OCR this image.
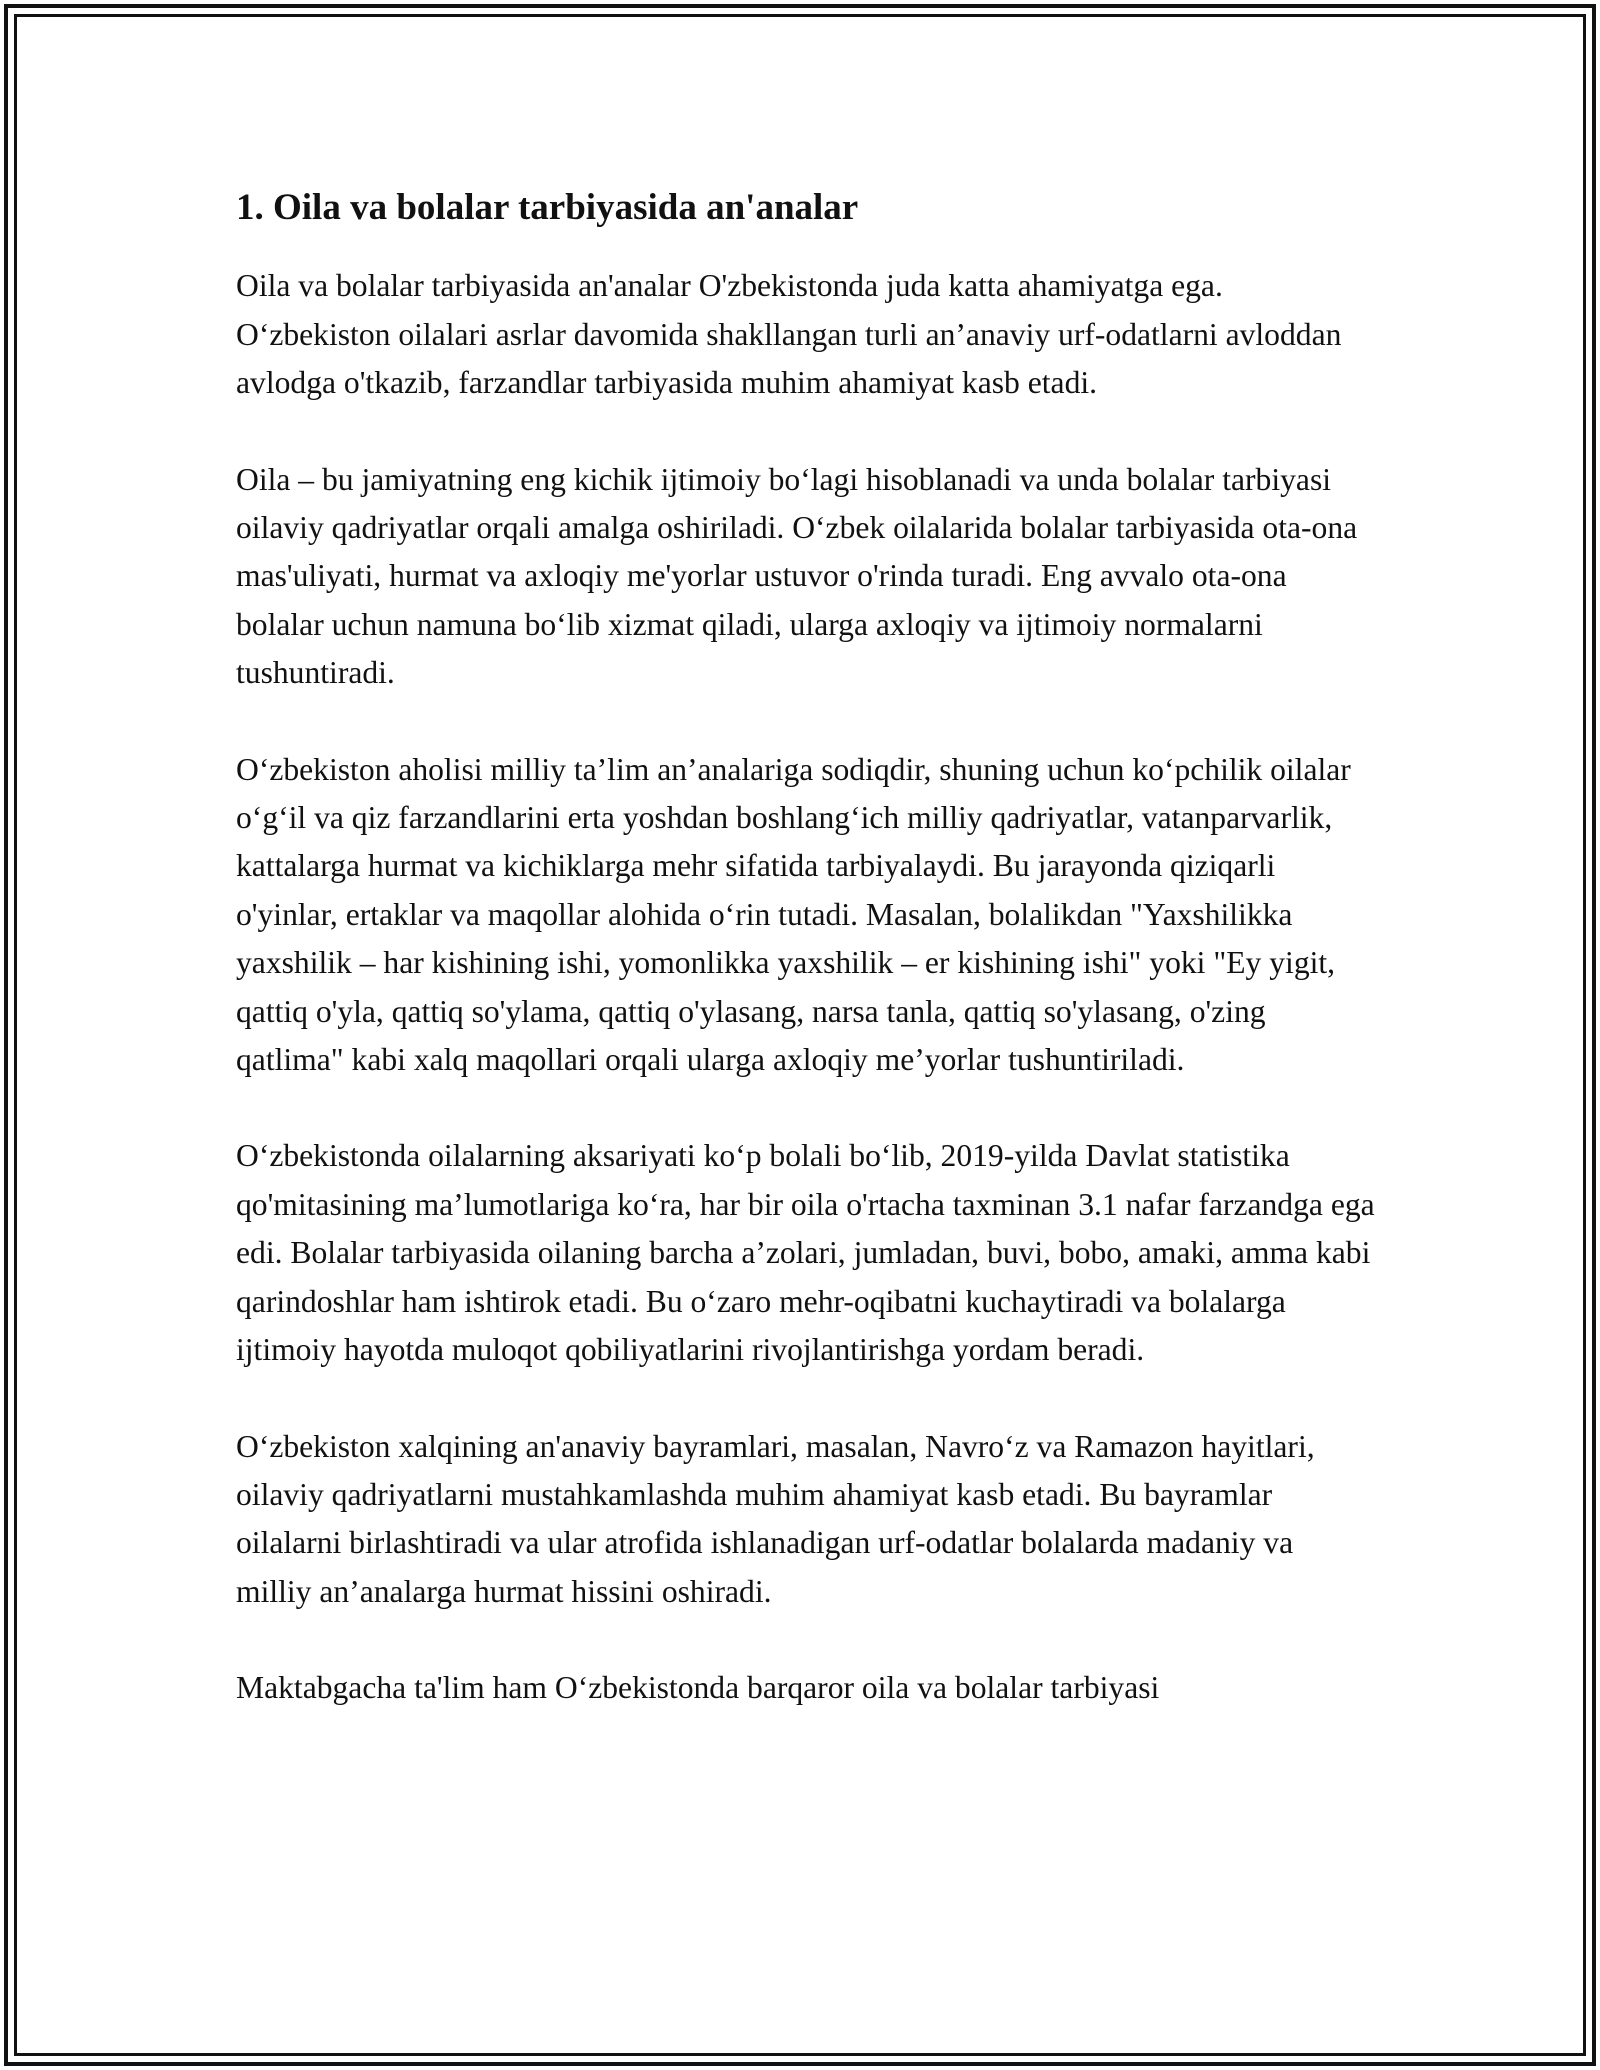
1. Oila va bolalar tarbiyasida an'analar

Oila va bolalar tarbiyasida an'analar O'zbekistonda juda katta ahamiyatga ega. O‘zbekiston oilalari asrlar davomida shakllangan turli an’anaviy urf-odatlarni avloddan avlodga o'tkazib, farzandlar tarbiyasida muhim ahamiyat kasb etadi.

Oila – bu jamiyatning eng kichik ijtimoiy bo‘lagi hisoblanadi va unda bolalar tarbiyasi oilaviy qadriyatlar orqali amalga oshiriladi. O‘zbek oilalarida bolalar tarbiyasida ota-ona mas'uliyati, hurmat va axloqiy me'yorlar ustuvor o'rinda turadi. Eng avvalo ota-ona bolalar uchun namuna bo‘lib xizmat qiladi, ularga axloqiy va ijtimoiy normalarni tushuntiradi.

O‘zbekiston aholisi milliy ta’lim an’analariga sodiqdir, shuning uchun ko‘pchilik oilalar o‘g‘il va qiz farzandlarini erta yoshdan boshlang‘ich milliy qadriyatlar, vatanparvarlik, kattalarga hurmat va kichiklarga mehr sifatida tarbiyalaydi. Bu jarayonda qiziqarli o'yinlar, ertaklar va maqollar alohida o‘rin tutadi. Masalan, bolalikdan "Yaxshilikka yaxshilik – har kishining ishi, yomonlikka yaxshilik – er kishining ishi" yoki "Ey yigit, qattiq o'yla, qattiq so'ylama, qattiq o'ylasang, narsa tanla, qattiq so'ylasang, o'zing qatlima" kabi xalq maqollari orqali ularga axloqiy me’yorlar tushuntiriladi.

O‘zbekistonda oilalarning aksariyati ko‘p bolali bo‘lib, 2019-yilda Davlat statistika qo'mitasining ma’lumotlariga ko‘ra, har bir oila o'rtacha taxminan 3.1 nafar farzandga ega edi. Bolalar tarbiyasida oilaning barcha a’zolari, jumladan, buvi, bobo, amaki, amma kabi qarindoshlar ham ishtirok etadi. Bu o‘zaro mehr-oqibatni kuchaytiradi va bolalarga ijtimoiy hayotda muloqot qobiliyatlarini rivojlantirishga yordam beradi.

O‘zbekiston xalqining an'anaviy bayramlari, masalan, Navro‘z va Ramazon hayitlari, oilaviy qadriyatlarni mustahkamlashda muhim ahamiyat kasb etadi. Bu bayramlar oilalarni birlashtiradi va ular atrofida ishlanadigan urf-odatlar bolalarda madaniy va milliy an’analarga hurmat hissini oshiradi.

Maktabgacha ta'lim ham O‘zbekistonda barqaror oila va bolalar tarbiyasi
